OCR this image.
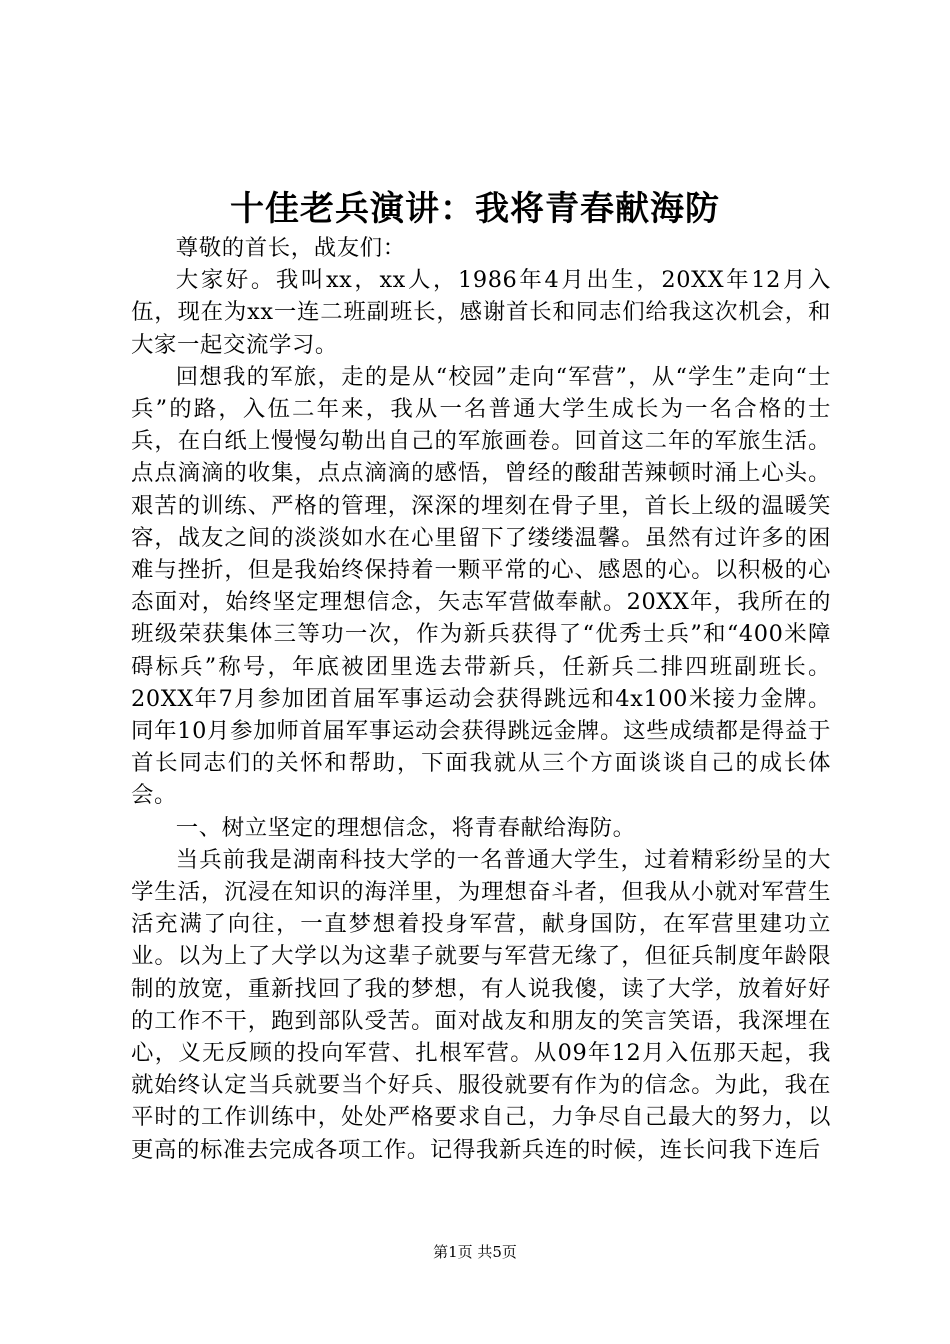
十佳老兵演讲：我将青春献海防

尊敬的首长，战友们：

大家好。我叫xx，xx人，1986年4月出生，20XX年12月入伍，现在为xx一连二班副班长，感谢首长和同志们给我这次机会，和大家一起交流学习。

回想我的军旅，走的是从“校园”走向“军营”，从“学生”走向“士兵”的路，入伍二年来，我从一名普通大学生成长为一名合格的士兵，在白纸上慢慢勾勒出自己的军旅画卷。回首这二年的军旅生活。点点滴滴的收集，点点滴滴的感悟，曾经的酸甜苦辣顿时涌上心头。艰苦的训练、严格的管理，深深的埋刻在骨子里，首长上级的温暖笑容，战友之间的淡淡如水在心里留下了缕缕温馨。虽然有过许多的困难与挫折，但是我始终保持着一颗平常的心、感恩的心。以积极的心态面对，始终坚定理想信念，矢志军营做奉献。20XX年，我所在的班级荣获集体三等功一次，作为新兵获得了“优秀士兵”和“400米障碍标兵”称号，年底被团里选去带新兵，任新兵二排四班副班长。20XX年7月参加团首届军事运动会获得跳远和4x100米接力金牌。同年10月参加师首届军事运动会获得跳远金牌。这些成绩都是得益于首长同志们的关怀和帮助，下面我就从三个方面谈谈自己的成长体会。

一、树立坚定的理想信念，将青春献给海防。

当兵前我是湖南科技大学的一名普通大学生，过着精彩纷呈的大学生活，沉浸在知识的海洋里，为理想奋斗者，但我从小就对军营生活充满了向往，一直梦想着投身军营，献身国防，在军营里建功立业。以为上了大学以为这辈子就要与军营无缘了，但征兵制度年龄限制的放宽，重新找回了我的梦想，有人说我傻，读了大学，放着好好的工作不干，跑到部队受苦。面对战友和朋友的笑言笑语，我深埋在心，义无反顾的投向军营、扎根军营。从09年12月入伍那天起，我就始终认定当兵就要当个好兵、服役就要有作为的信念。为此，我在平时的工作训练中，处处严格要求自己，力争尽自己最大的努力，以更高的标准去完成各项工作。记得我新兵连的时候，连长问我下连后

第1页 共5页
